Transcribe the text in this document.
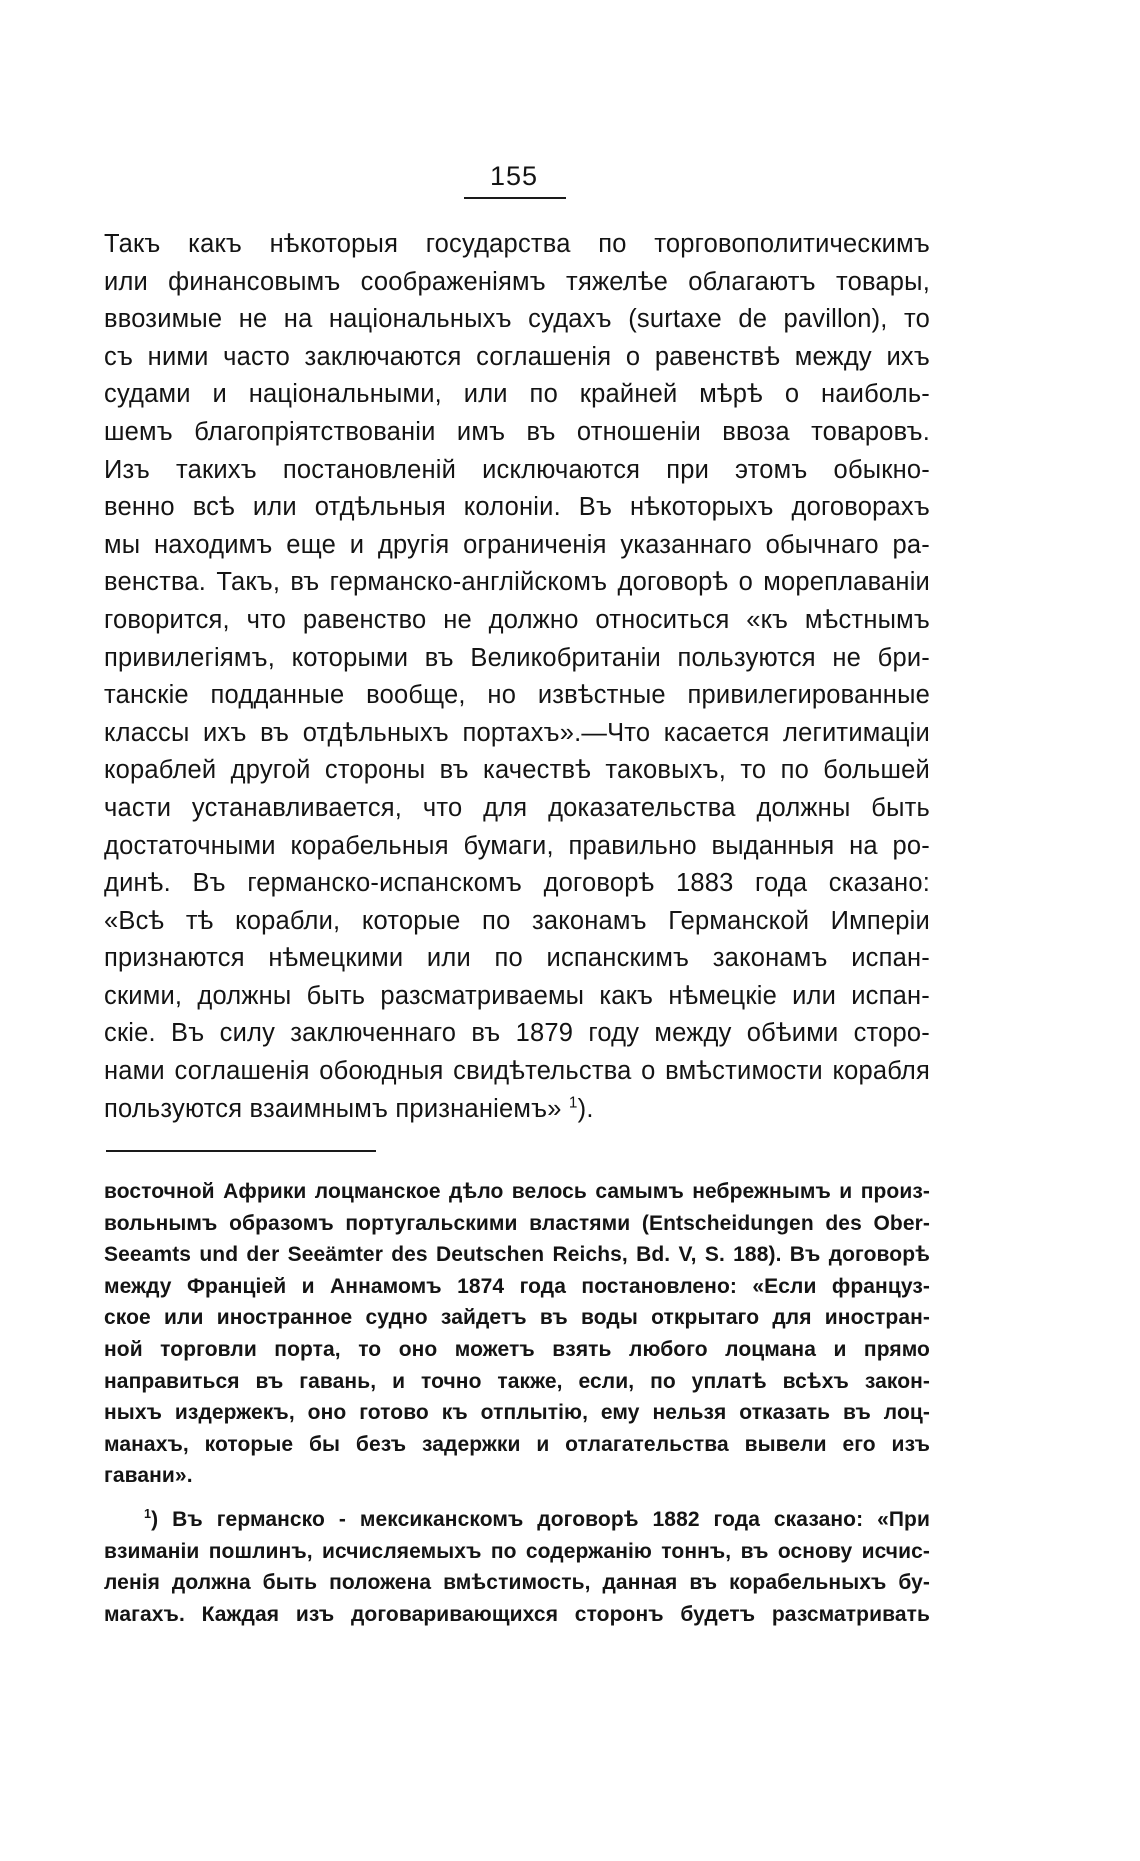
155
Такъ какъ нѣкоторыя государства по торговополитическимъ
или финансовымъ соображеніямъ тяжелѣе облагаютъ товары,
ввозимые не на національныхъ судахъ (surtaxe de pavillon), то
съ ними часто заключаются соглашенія о равенствѣ между ихъ
судами и національными, или по крайней мѣрѣ о наиболь-
шемъ благопріятствованіи имъ въ отношеніи ввоза товаровъ.
Изъ такихъ постановленій исключаются при этомъ обыкно-
венно всѣ или отдѣльныя колоніи. Въ нѣкоторыхъ договорахъ
мы находимъ еще и другія ограниченія указаннаго обычнаго ра-
венства. Такъ, въ германско-англійскомъ договорѣ о мореплаваніи
говорится, что равенство не должно относиться «къ мѣстнымъ
привилегіямъ, которыми въ Великобританіи пользуются не бри-
танскіе подданные вообще, но извѣстные привилегированные
классы ихъ въ отдѣльныхъ портахъ».—Что касается легитимаціи
кораблей другой стороны въ качествѣ таковыхъ, то по большей
части устанавливается, что для доказательства должны быть
достаточными корабельныя бумаги, правильно выданныя на ро-
динѣ. Въ германско-испанскомъ договорѣ 1883 года сказано:
«Всѣ тѣ корабли, которые по законамъ Германской Имперіи
признаются нѣмецкими или по испанскимъ законамъ испан-
скими, должны быть разсматриваемы какъ нѣмецкіе или испан-
скіе. Въ силу заключеннаго въ 1879 году между обѣими сторо-
нами соглашенія обоюдныя свидѣтельства о вмѣстимости корабля
пользуются взаимнымъ признаніемъ» $^1$).
восточной Африки лоцманское дѣло велось самымъ небрежнымъ и произ-
вольнымъ образомъ португальскими властями (Entscheidungen des Ober-
Seeamts und der Seeämter des Deutschen Reichs, Bd. V, S. 188). Въ договорѣ
между Франціей и Аннамомъ 1874 года постановлено: «Если француз-
ское или иностранное судно зайдетъ въ воды открытаго для иностран-
ной торговли порта, то оно можетъ взять любого лоцмана и прямо
направиться въ гавань, и точно также, если, по уплатѣ всѣхъ закон-
ныхъ издержекъ, оно готово къ отплытію, ему нельзя отказать въ лоц-
манахъ, которые бы безъ задержки и отлагательства вывели его изъ
гавани».
$^1$) Въ германско - мексиканскомъ договорѣ 1882 года сказано: «При
взиманіи пошлинъ, исчисляемыхъ по содержанію тоннъ, въ основу исчис-
ленія должна быть положена вмѣстимость, данная въ корабельныхъ бу-
магахъ. Каждая изъ договаривающихся сторонъ будетъ разсматривать
